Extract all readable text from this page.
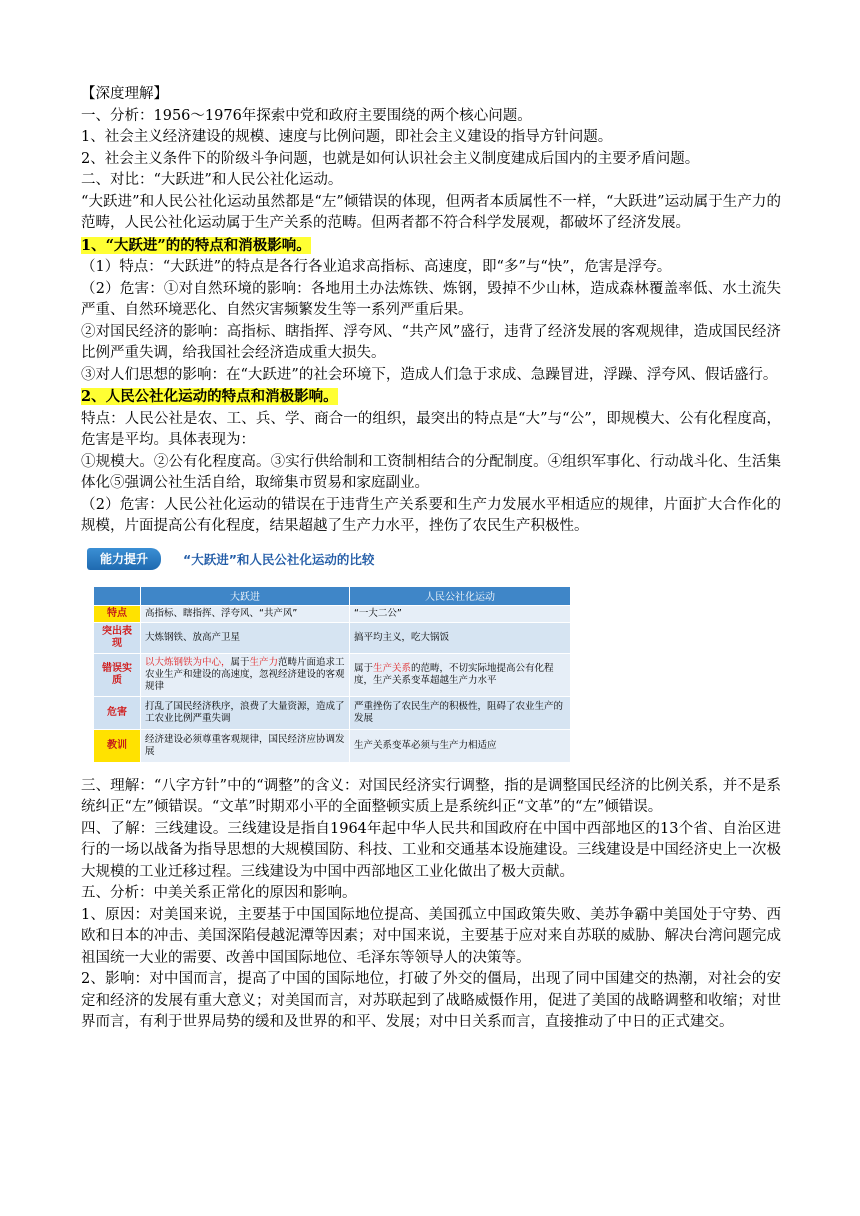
【深度理解】

一、分析：1956～1976年探索中党和政府主要围绕的两个核心问题。

1、社会主义经济建设的规模、速度与比例问题，即社会主义建设的指导方针问题。

2、社会主义条件下的阶级斗争问题，也就是如何认识社会主义制度建成后国内的主要矛盾问题。

二、对比：“大跃进”和人民公社化运动。

“大跃进”和人民公社化运动虽然都是“左”倾错误的体现，但两者本质属性不一样，“大跃进”运动属于生产力的范畴，人民公社化运动属于生产关系的范畴。但两者都不符合科学发展观，都破坏了经济发展。

1、“大跃进”的的特点和消极影响。

（1）特点：“大跃进”的特点是各行各业追求高指标、高速度，即“多”与“快”，危害是浮夸。

（2）危害：①对自然环境的影响：各地用土办法炼铁、炼钢，毁掉不少山林，造成森林覆盖率低、水土流失严重、自然环境恶化、自然灾害频繁发生等一系列严重后果。

②对国民经济的影响：高指标、瞎指挥、浮夸风、“共产风”盛行，违背了经济发展的客观规律，造成国民经济比例严重失调，给我国社会经济造成重大损失。

③对人们思想的影响：在“大跃进”的社会环境下，造成人们急于求成、急躁冒进，浮躁、浮夸风、假话盛行。

2、人民公社化运动的特点和消极影响。

特点：人民公社是农、工、兵、学、商合一的组织，最突出的特点是“大”与“公”，即规模大、公有化程度高，危害是平均。具体表现为：

①规模大。②公有化程度高。③实行供给制和工资制相结合的分配制度。④组织军事化、行动战斗化、生活集体化⑤强调公社生活自给，取缔集市贸易和家庭副业。

（2）危害：人民公社化运动的错误在于违背生产关系要和生产力发展水平相适应的规律，片面扩大合作化的规模，片面提高公有化程度，结果超越了生产力水平，挫伤了农民生产积极性。

能力提升	“大跃进”和人民公社化运动的比较
	大跃进	人民公社化运动
特点	高指标、瞎指挥、浮夸风、“共产风”	“一大二公”
突出表现	大炼钢铁、放高产卫星	搞平均主义，吃大锅饭
错误实质	以大炼钢铁为中心，属于生产力范畴片面追求工农业生产和建设的高速度，忽视经济建设的客观规律	属于生产关系的范畴，不切实际地提高公有化程度，生产关系变革超越生产力水平
危害	打乱了国民经济秩序，浪费了大量资源，造成了工农业比例严重失调	严重挫伤了农民生产的积极性，阻碍了农业生产的发展
教训	经济建设必须尊重客观规律，国民经济应协调发展	生产关系变革必须与生产力相适应

三、理解：“八字方针”中的“调整”的含义：对国民经济实行调整，指的是调整国民经济的比例关系，并不是系统纠正“左”倾错误。“文革”时期邓小平的全面整顿实质上是系统纠正“文革”的“左”倾错误。

四、了解：三线建设。三线建设是指自1964年起中华人民共和国政府在中国中西部地区的13个省、自治区进行的一场以战备为指导思想的大规模国防、科技、工业和交通基本设施建设。三线建设是中国经济史上一次极大规模的工业迁移过程。三线建设为中国中西部地区工业化做出了极大贡献。

五、分析：中美关系正常化的原因和影响。

1、原因：对美国来说，主要基于中国国际地位提高、美国孤立中国政策失败、美苏争霸中美国处于守势、西欧和日本的冲击、美国深陷侵越泥潭等因素；对中国来说，主要基于应对来自苏联的威胁、解决台湾问题完成祖国统一大业的需要、改善中国国际地位、毛泽东等领导人的决策等。

2、影响：对中国而言，提高了中国的国际地位，打破了外交的僵局，出现了同中国建交的热潮，对社会的安定和经济的发展有重大意义；对美国而言，对苏联起到了战略威慑作用，促进了美国的战略调整和收缩；对世界而言，有利于世界局势的缓和及世界的和平、发展；对中日关系而言，直接推动了中日的正式建交。
